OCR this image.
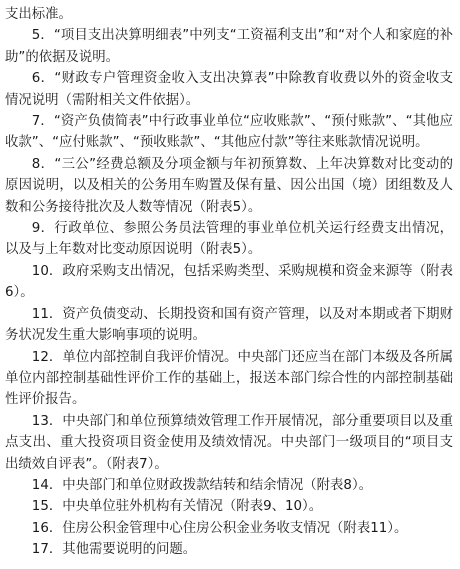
支出标准。

5．“项目支出决算明细表”中列支“工资福利支出”和“对个人和家庭的补助”的依据及说明。

6．“财政专户管理资金收入支出决算表”中除教育收费以外的资金收支情况说明（需附相关文件依据）。

7．“资产负债简表”中行政事业单位“应收账款”、“预付账款”、“其他应收款”、“应付账款”、“预收账款”、“其他应付款”等往来账款情况说明。

8．“三公”经费总额及分项金额与年初预算数、上年决算数对比变动的原因说明，以及相关的公务用车购置及保有量、因公出国（境）团组数及人数和公务接待批次及人数等情况（附表5）。

9．行政单位、参照公务员法管理的事业单位机关运行经费支出情况，以及与上年数对比变动原因说明（附表5）。

10．政府采购支出情况，包括采购类型、采购规模和资金来源等（附表6）。

11．资产负债变动、长期投资和国有资产管理，以及对本期或者下期财务状况发生重大影响事项的说明。

12．单位内部控制自我评价情况。中央部门还应当在部门本级及各所属单位内部控制基础性评价工作的基础上，报送本部门综合性的内部控制基础性评价报告。

13．中央部门和单位预算绩效管理工作开展情况，部分重要项目以及重点支出、重大投资项目资金使用及绩效情况。中央部门一级项目的“项目支出绩效自评表”。（附表7）。

14．中央部门和单位财政拨款结转和结余情况（附表8）。

15．中央单位驻外机构有关情况（附表9、10）。

16．住房公积金管理中心住房公积金业务收支情况（附表11）。

17．其他需要说明的问题。
